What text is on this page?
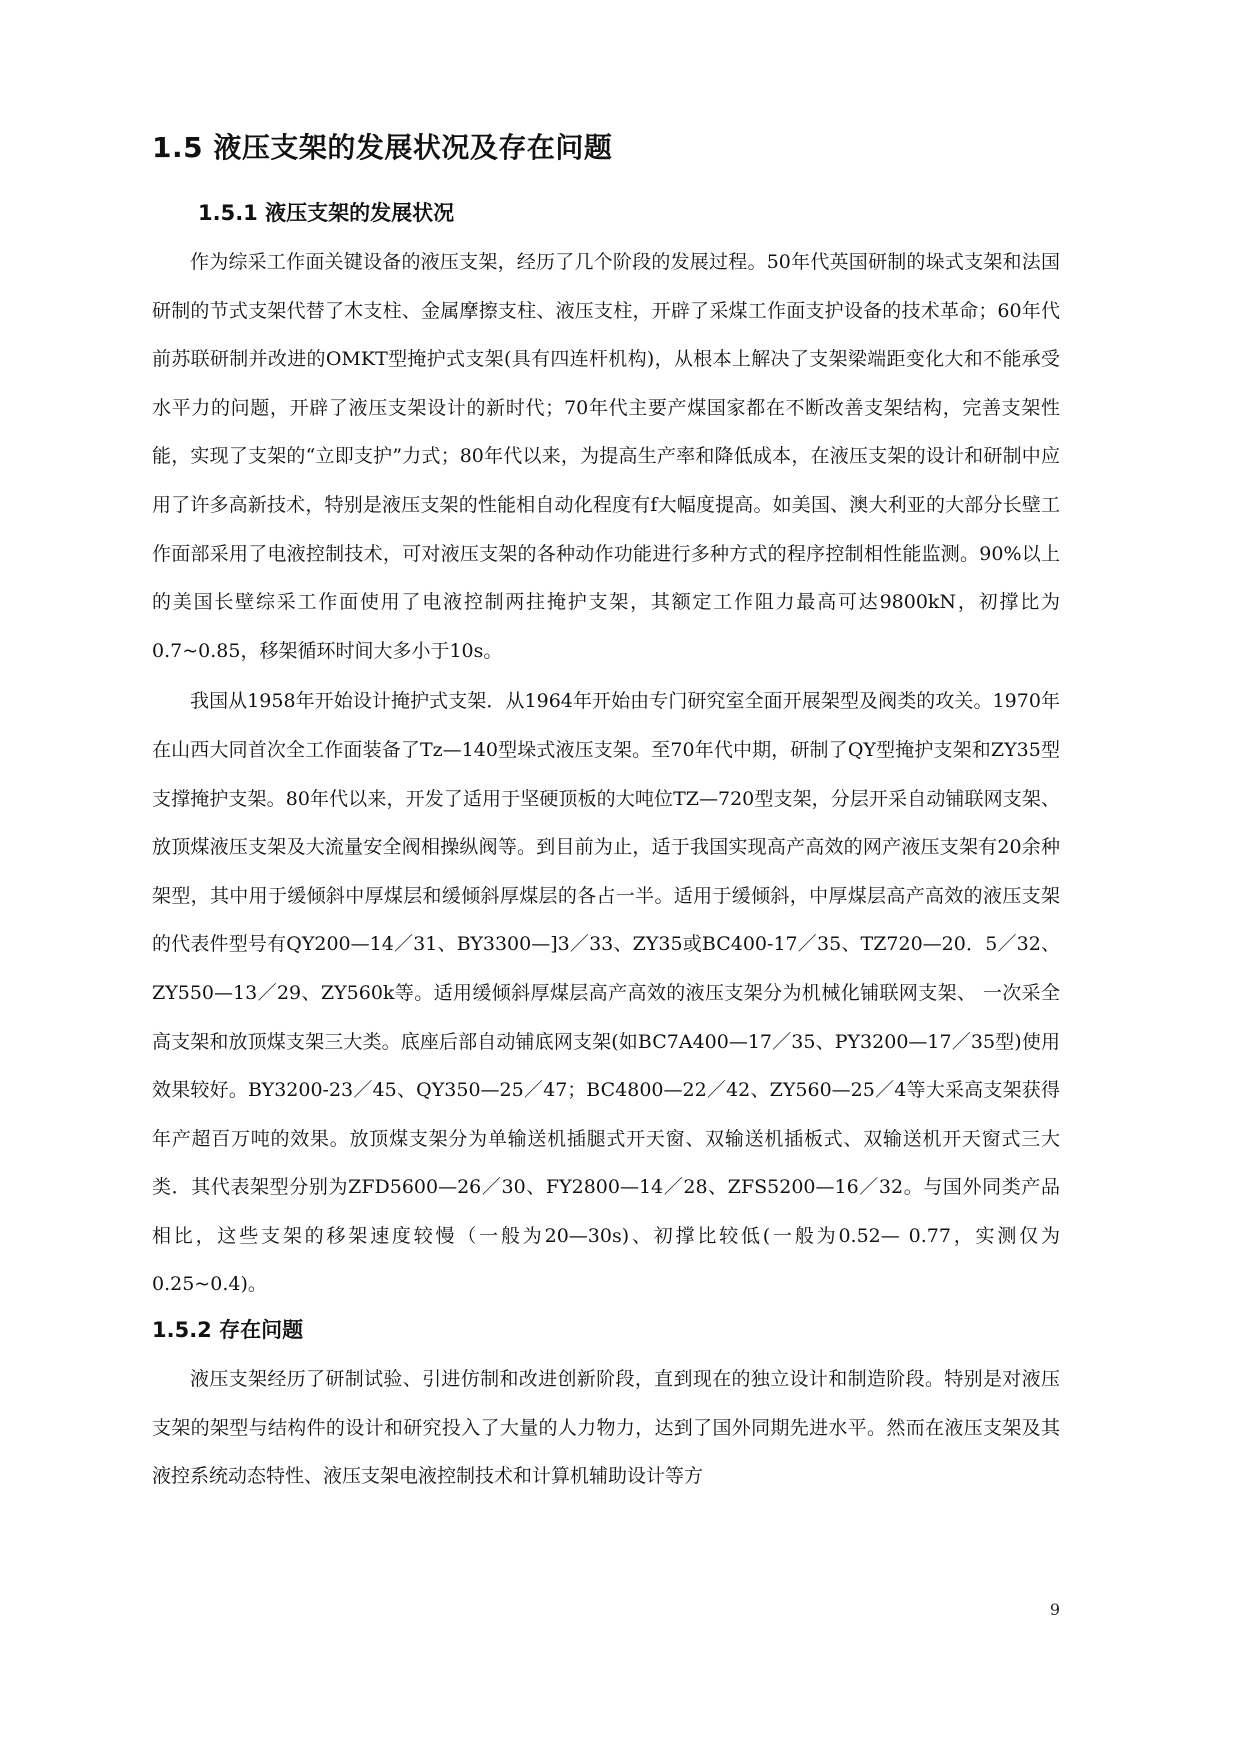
1.5 液压支架的发展状况及存在问题
1.5.1 液压支架的发展状况

作为综采工作面关键设备的液压支架，经历了几个阶段的发展过程。50年代英国研制的垛式支架和法国研制的节式支架代替了木支柱、金属摩擦支柱、液压支柱，开辟了采煤工作面支护设备的技术革命；60年代前苏联研制并改进的OMKT型掩护式支架(具有四连杆机构)，从根本上解决了支架梁端距变化大和不能承受水平力的问题，开辟了液压支架设计的新时代；70年代主要产煤国家都在不断改善支架结构，完善支架性能，实现了支架的“立即支护”力式；80年代以来，为提高生产率和降低成本，在液压支架的设计和研制中应用了许多高新技术，特别是液压支架的性能相自动化程度有f大幅度提高。如美国、澳大利亚的大部分长壁工作面部采用了电液控制技术，可对液压支架的各种动作功能进行多种方式的程序控制相性能监测。90%以上的美国长壁综采工作面使用了电液控制两拄掩护支架，其额定工作阻力最高可达9800kN，初撑比为0.7~0.85，移架循环时间大多小于10s。

我国从1958年开始设计掩护式支架．从1964年开始由专门研究室全面开展架型及阀类的攻关。1970年在山西大同首次全工作面装备了Tz—140型垛式液压支架。至70年代中期，研制了QY型掩护支架和ZY35型支撑掩护支架。80年代以来，开发了适用于坚硬顶板的大吨位TZ—720型支架，分层开采自动铺联网支架、放顶煤液压支架及大流量安全阀相操纵阀等。到目前为止，适于我国实现高产高效的网产液压支架有20余种架型，其中用于缓倾斜中厚煤层和缓倾斜厚煤层的各占一半。适用于缓倾斜，中厚煤层高产高效的液压支架的代表件型号有QY200—14／31、BY3300—]3／33、ZY35或BC400-17／35、TZ720—20．5／32、ZY550—13／29、ZY560k等。适用缓倾斜厚煤层高产高效的液压支架分为机械化铺联网支架、 一次采全高支架和放顶煤支架三大类。底座后部自动铺底网支架(如BC7A400—17／35、PY3200—17／35型)使用效果较好。BY3200-23／45、QY350—25／47；BC4800—22／42、ZY560—25／4等大采高支架获得年产超百万吨的效果。放顶煤支架分为单输送机插腿式开天窗、双输送机插板式、双输送机开天窗式三大类．其代表架型分别为ZFD5600—26／30、FY2800—14／28、ZFS5200—16／32。与国外同类产品相比，这些支架的移架速度较慢（一般为20—30s)、初撑比较低(一般为0.52— 0.77，实测仅为0.25~0.4)。

1.5.2 存在问题

液压支架经历了研制试验、引进仿制和改进创新阶段，直到现在的独立设计和制造阶段。特别是对液压支架的架型与结构件的设计和研究投入了大量的人力物力，达到了国外同期先进水平。然而在液压支架及其液控系统动态特性、液压支架电液控制技术和计算机辅助设计等方

9
